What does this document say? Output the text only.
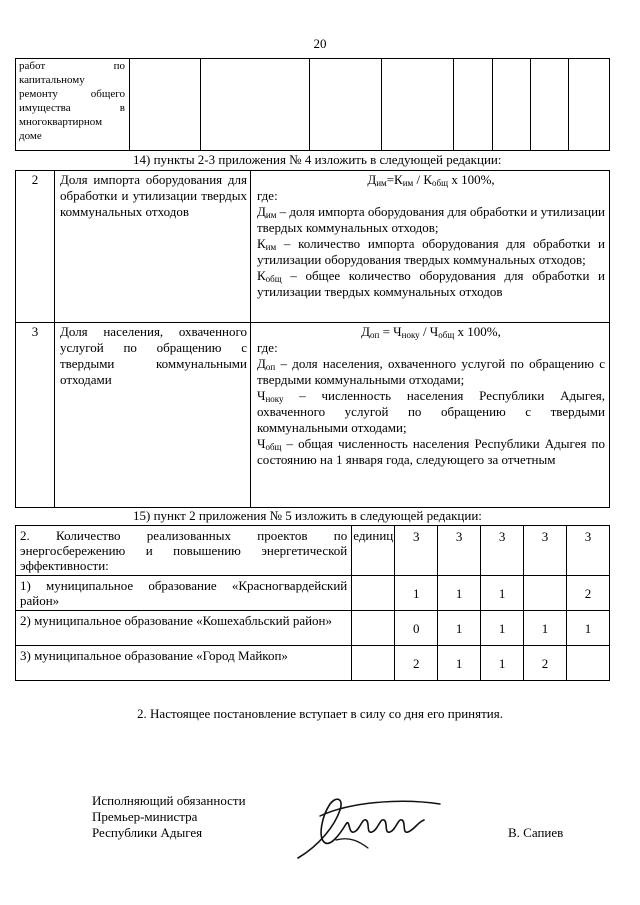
20
работ по капитальному ремонту общего имущества в многоквартирном доме								
14) пункты 2-3 приложения № 4 изложить в следующей редакции:
2	Доля импорта оборудования для обработки и утилизации твердых коммунальных отходов	$Д_{им}=К_{им} / К_{общ}$ х 100%,
где:
$Д_{им}$ – доля импорта оборудования для обработки и утилизации твердых коммунальных отходов;
$К_{им}$ – количество импорта оборудования для обработки и утилизации оборудования твердых коммунальных отходов;
$К_{общ}$ – общее количество оборудования для обработки и утилизации твердых коммунальных отходов

3	Доля населения, охваченного услугой по обращению с твердыми коммунальными отходами	$Д_{оп} = Ч_{ноку} / Ч_{общ}$ х 100%,
где:
$Д_{оп}$ – доля населения, охваченного услугой по обращению с твердыми коммунальными отходами;
$Ч_{ноку}$ – численность населения Республики Адыгея, охваченного услугой по обращению с твердыми коммунальными отходами;
$Ч_{общ}$ – общая численность населения Республики Адыгея по состоянию на 1 января года, следующего за отчетным
15) пункт 2 приложения № 5 изложить в следующей редакции:
2. Количество реализованных проектов по энергосбережению и повышению энергетической эффективности:	единиц	3	3	3	3	3
1) муниципальное образование «Красногвардейский район»		1	1	1		2
2) муниципальное образование «Кошехабльский район»		0	1	1	1	1
3) муниципальное образование «Город Майкоп»		2	1	1	2	
2. Настоящее постановление вступает в силу со дня его принятия.
Исполняющий обязанности
Премьер-министра
Республики Адыгея	В. Сапиев
